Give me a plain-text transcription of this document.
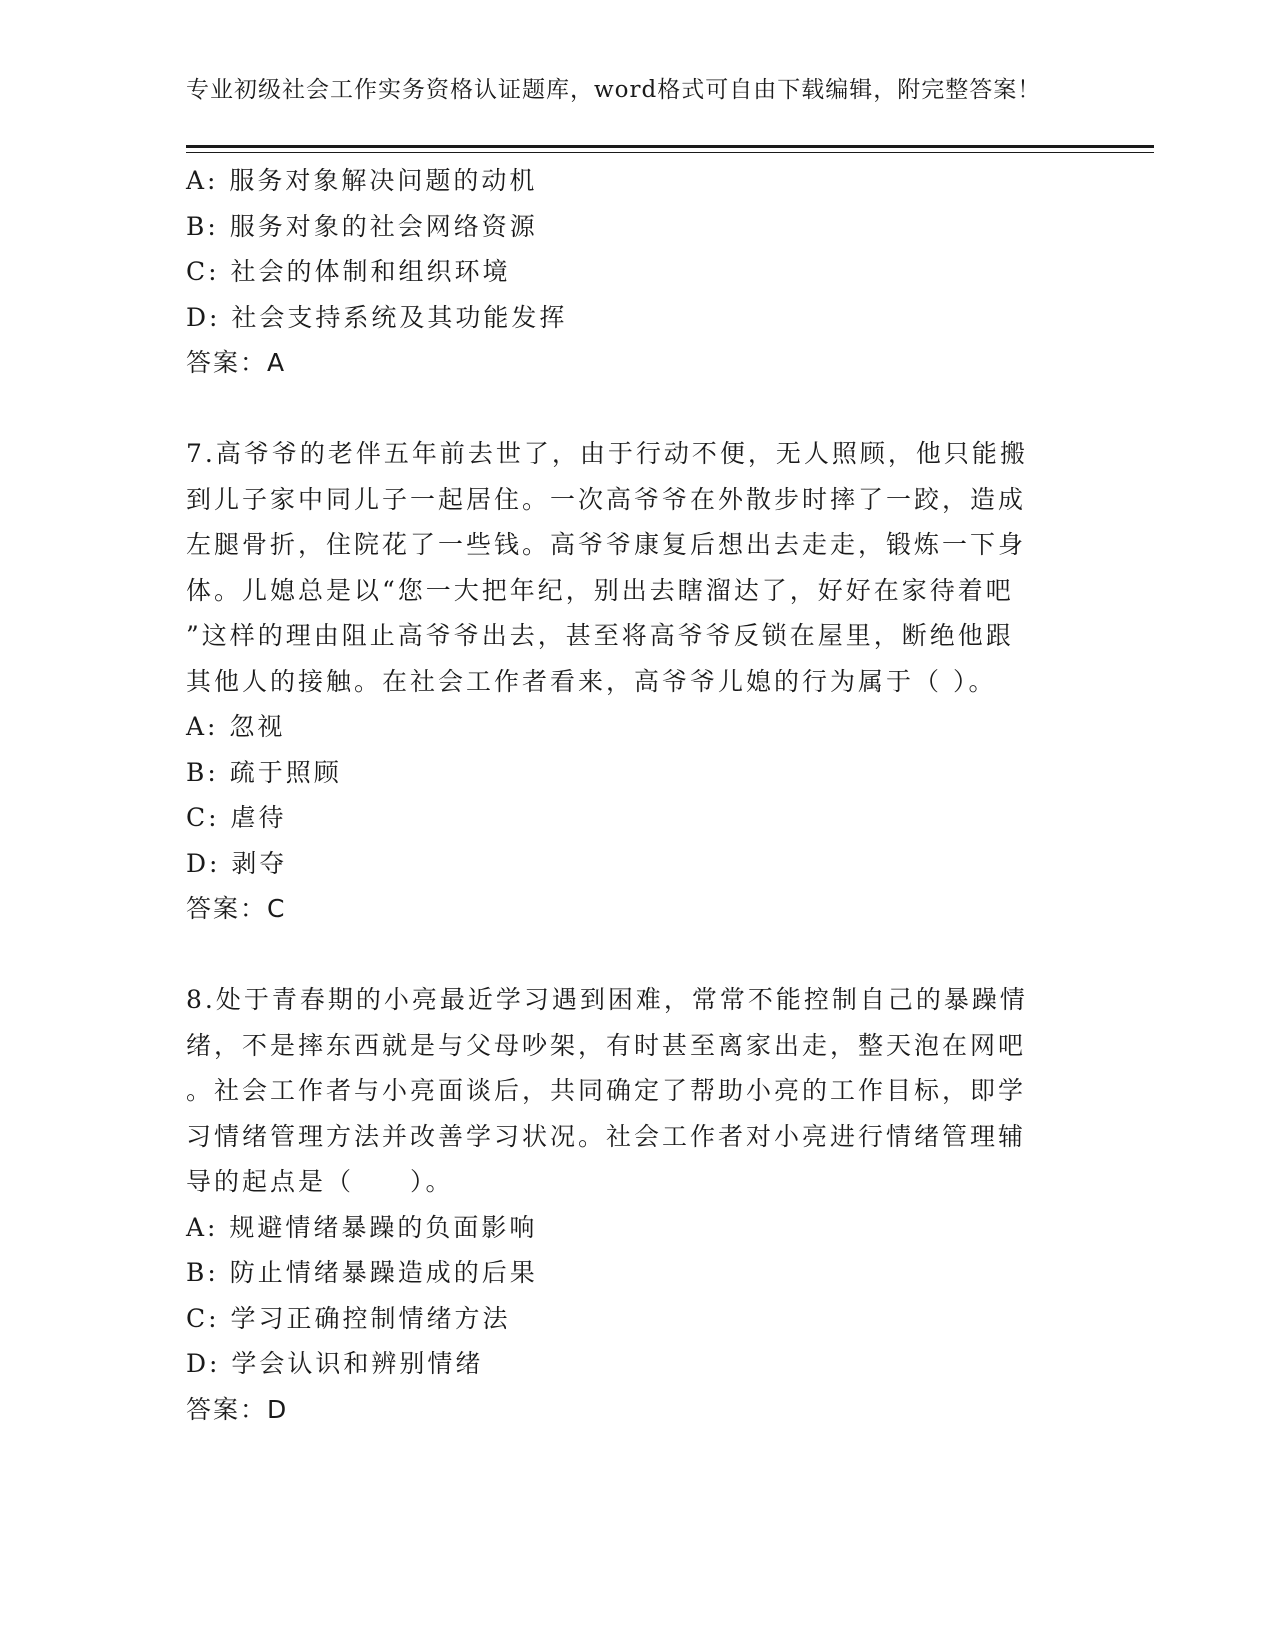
专业初级社会工作实务资格认证题库，word格式可自由下载编辑，附完整答案！
A: 服务对象解决问题的动机
B: 服务对象的社会网络资源
C: 社会的体制和组织环境
D: 社会支持系统及其功能发挥
答案：A
7.高爷爷的老伴五年前去世了，由于行动不便，无人照顾，他只能搬
到儿子家中同儿子一起居住。一次高爷爷在外散步时摔了一跤，造成
左腿骨折，住院花了一些钱。高爷爷康复后想出去走走，锻炼一下身
体。儿媳总是以“您一大把年纪，别出去瞎溜达了，好好在家待着吧
”这样的理由阻止高爷爷出去，甚至将高爷爷反锁在屋里，断绝他跟
其他人的接触。在社会工作者看来，高爷爷儿媳的行为属于（ ）。
A: 忽视
B: 疏于照顾
C: 虐待
D: 剥夺
答案：C
8.处于青春期的小亮最近学习遇到困难，常常不能控制自己的暴躁情
绪，不是摔东西就是与父母吵架，有时甚至离家出走，整天泡在网吧
。社会工作者与小亮面谈后，共同确定了帮助小亮的工作目标，即学
习情绪管理方法并改善学习状况。社会工作者对小亮进行情绪管理辅
导的起点是（　　）。
A: 规避情绪暴躁的负面影响
B: 防止情绪暴躁造成的后果
C: 学习正确控制情绪方法
D: 学会认识和辨别情绪
答案：D
